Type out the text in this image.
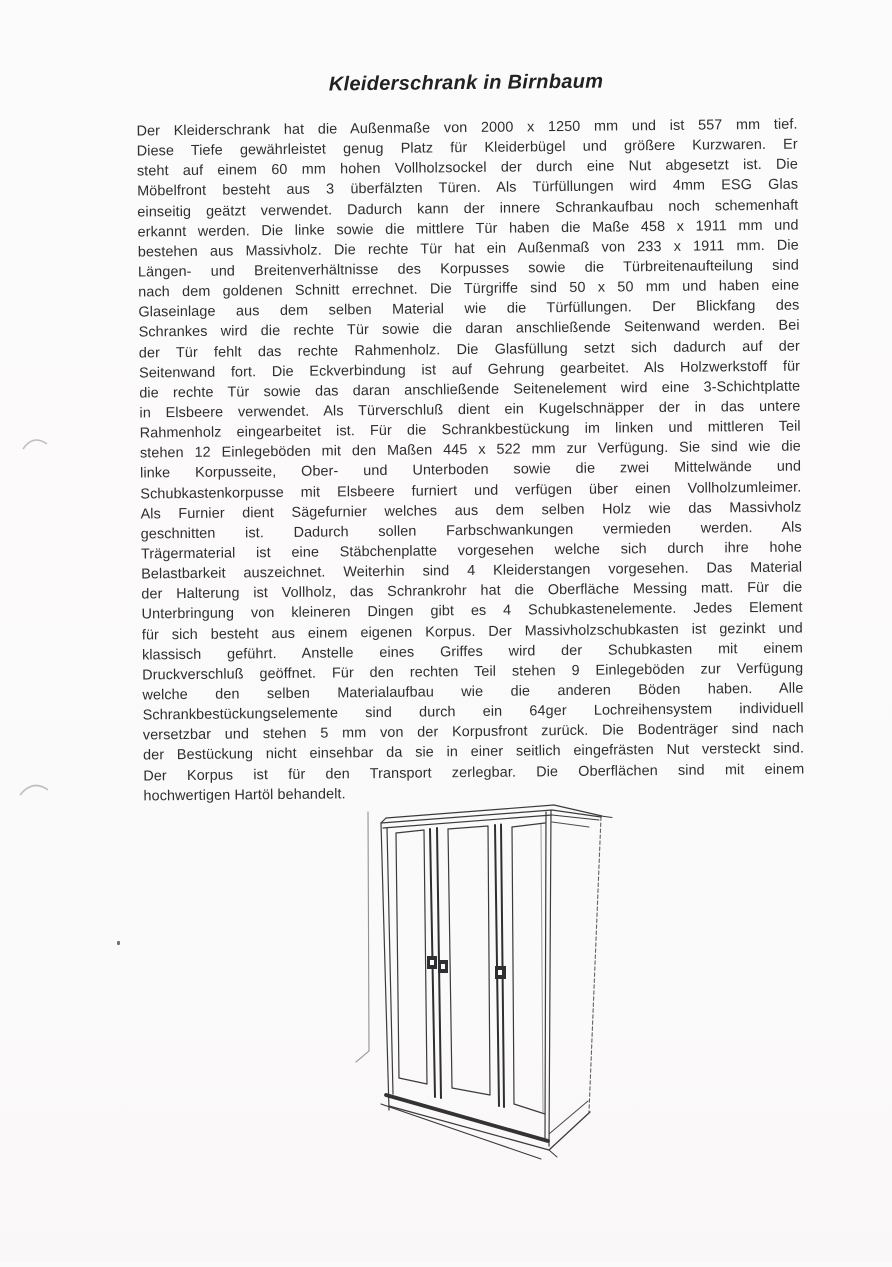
Kleiderschrank in Birnbaum
Der Kleiderschrank hat die Außenmaße von 2000 x 1250 mm und ist 557 mm tief.
Diese Tiefe gewährleistet genug Platz für Kleiderbügel und größere Kurzwaren. Er
steht auf einem 60 mm hohen Vollholzsockel der durch eine Nut abgesetzt ist. Die
Möbelfront besteht aus 3 überfälzten Türen. Als Türfüllungen wird 4mm ESG Glas
einseitig geätzt verwendet. Dadurch kann der innere Schrankaufbau noch schemenhaft
erkannt werden. Die linke sowie die mittlere Tür haben die Maße 458 x 1911 mm und
bestehen aus Massivholz. Die rechte Tür hat ein Außenmaß von 233 x 1911 mm. Die
Längen- und Breitenverhältnisse des Korpusses sowie die Türbreitenaufteilung sind
nach dem goldenen Schnitt errechnet. Die Türgriffe sind 50 x 50 mm und haben eine
Glaseinlage aus dem selben Material wie die Türfüllungen. Der Blickfang des
Schrankes wird die rechte Tür sowie die daran anschließende Seitenwand werden. Bei
der Tür fehlt das rechte Rahmenholz. Die Glasfüllung setzt sich dadurch auf der
Seitenwand fort. Die Eckverbindung ist auf Gehrung gearbeitet. Als Holzwerkstoff für
die rechte Tür sowie das daran anschließende Seitenelement wird eine 3-Schichtplatte
in Elsbeere verwendet. Als Türverschluß dient ein Kugelschnäpper der in das untere
Rahmenholz eingearbeitet ist. Für die Schrankbestückung im linken und mittleren Teil
stehen 12 Einlegeböden mit den Maßen 445 x 522 mm zur Verfügung. Sie sind wie die
linke Korpusseite, Ober- und Unterboden sowie die zwei Mittelwände und
Schubkastenkorpusse mit Elsbeere furniert und verfügen über einen Vollholzumleimer.
Als Furnier dient Sägefurnier welches aus dem selben Holz wie das Massivholz
geschnitten ist. Dadurch sollen Farbschwankungen vermieden werden. Als
Trägermaterial ist eine Stäbchenplatte vorgesehen welche sich durch ihre hohe
Belastbarkeit auszeichnet. Weiterhin sind 4 Kleiderstangen vorgesehen. Das Material
der Halterung ist Vollholz, das Schrankrohr hat die Oberfläche Messing matt. Für die
Unterbringung von kleineren Dingen gibt es 4 Schubkastenelemente. Jedes Element
für sich besteht aus einem eigenen Korpus. Der Massivholzschubkasten ist gezinkt und
klassisch geführt. Anstelle eines Griffes wird der Schubkasten mit einem
Druckverschluß geöffnet. Für den rechten Teil stehen 9 Einlegeböden zur Verfügung
welche den selben Materialaufbau wie die anderen Böden haben. Alle
Schrankbestückungselemente sind durch ein 64ger Lochreihensystem individuell
versetzbar und stehen 5 mm von der Korpusfront zurück. Die Bodenträger sind nach
der Bestückung nicht einsehbar da sie in einer seitlich eingefrästen Nut versteckt sind.
Der Korpus ist für den Transport zerlegbar. Die Oberflächen sind mit einem
hochwertigen Hartöl behandelt.
